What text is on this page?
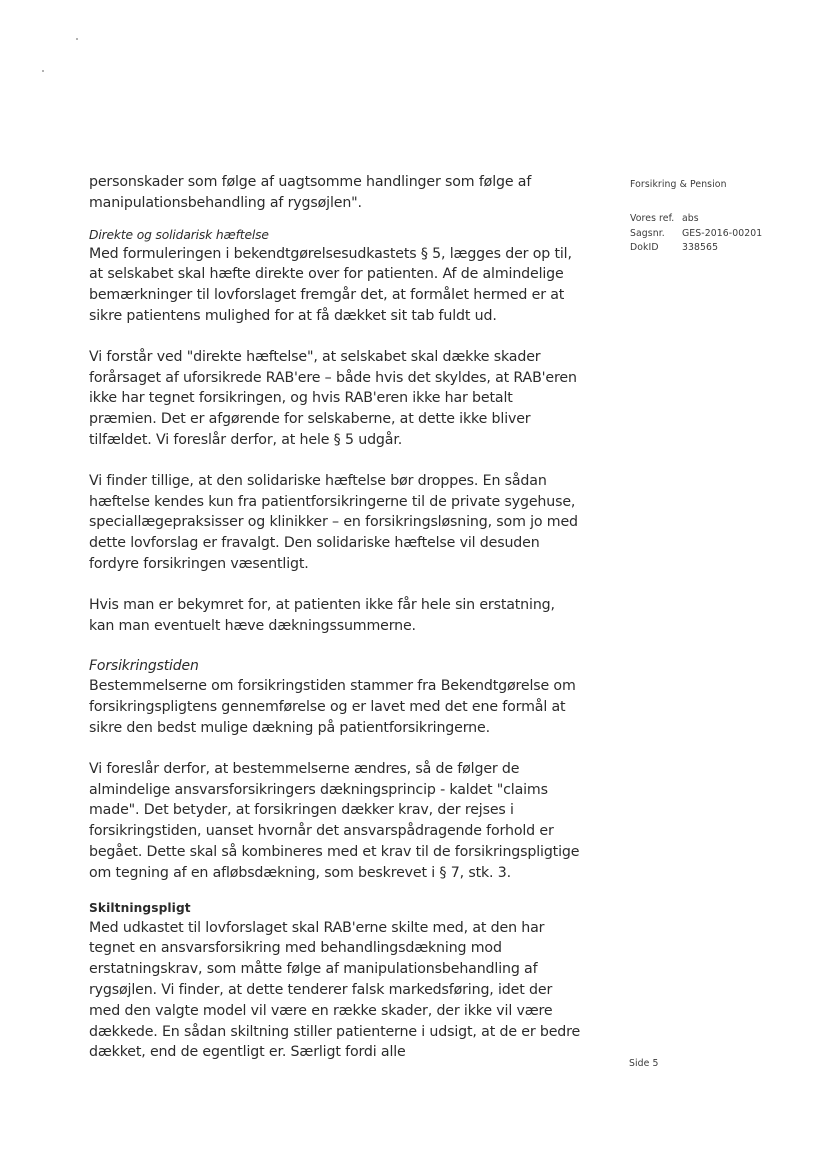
personskader som følge af uagtsomme handlinger som følge af manipulationsbehandling af rygsøjlen".

Direkte og solidarisk hæftelse

Med formuleringen i bekendtgørelsesudkastets § 5, lægges der op til, at selskabet skal hæfte direkte over for patienten. Af de almindelige bemærkninger til lovforslaget fremgår det, at formålet hermed er at sikre patientens mulighed for at få dækket sit tab fuldt ud.

Vi forstår ved "direkte hæftelse", at selskabet skal dække skader forårsaget af uforsikrede RAB'ere – både hvis det skyldes, at RAB'eren ikke har tegnet forsikringen, og hvis RAB'eren ikke har betalt præmien. Det er afgørende for selskaberne, at dette ikke bliver tilfældet. Vi foreslår derfor, at hele § 5 udgår.

Vi finder tillige, at den solidariske hæftelse bør droppes. En sådan hæftelse kendes kun fra patientforsikringerne til de private sygehuse, speciallægepraksisser og klinikker – en forsikringsløsning, som jo med dette lovforslag er fravalgt. Den solidariske hæftelse vil desuden fordyre forsikringen væsentligt.

Hvis man er bekymret for, at patienten ikke får hele sin erstatning, kan man eventuelt hæve dækningssummerne.

Forsikringstiden

Bestemmelserne om forsikringstiden stammer fra Bekendtgørelse om forsikringspligtens gennemførelse og er lavet med det ene formål at sikre den bedst mulige dækning på patientforsikringerne.

Vi foreslår derfor, at bestemmelserne ændres, så de følger de almindelige ansvarsforsikringers dækningsprincip - kaldet "claims made". Det betyder, at forsikringen dækker krav, der rejses i forsikringstiden, uanset hvornår det ansvarspådragende forhold er begået. Dette skal så kombineres med et krav til de forsikringspligtige om tegning af en afløbsdækning, som beskrevet i § 7, stk. 3.

Skiltningspligt

Med udkastet til lovforslaget skal RAB'erne skilte med, at den har tegnet en ansvarsforsikring med behandlingsdækning mod erstatningskrav, som måtte følge af manipulationsbehandling af rygsøjlen. Vi finder, at dette tenderer falsk markedsføring, idet der med den valgte model vil være en række skader, der ikke vil være dækkede. En sådan skiltning stiller patienterne i udsigt, at de er bedre dækket, end de egentligt er. Særligt fordi alle

Forsikring & Pension
Vores ref.	abs
Sagsnr.	GES-2016-00201
DokID	338565
Side 5
